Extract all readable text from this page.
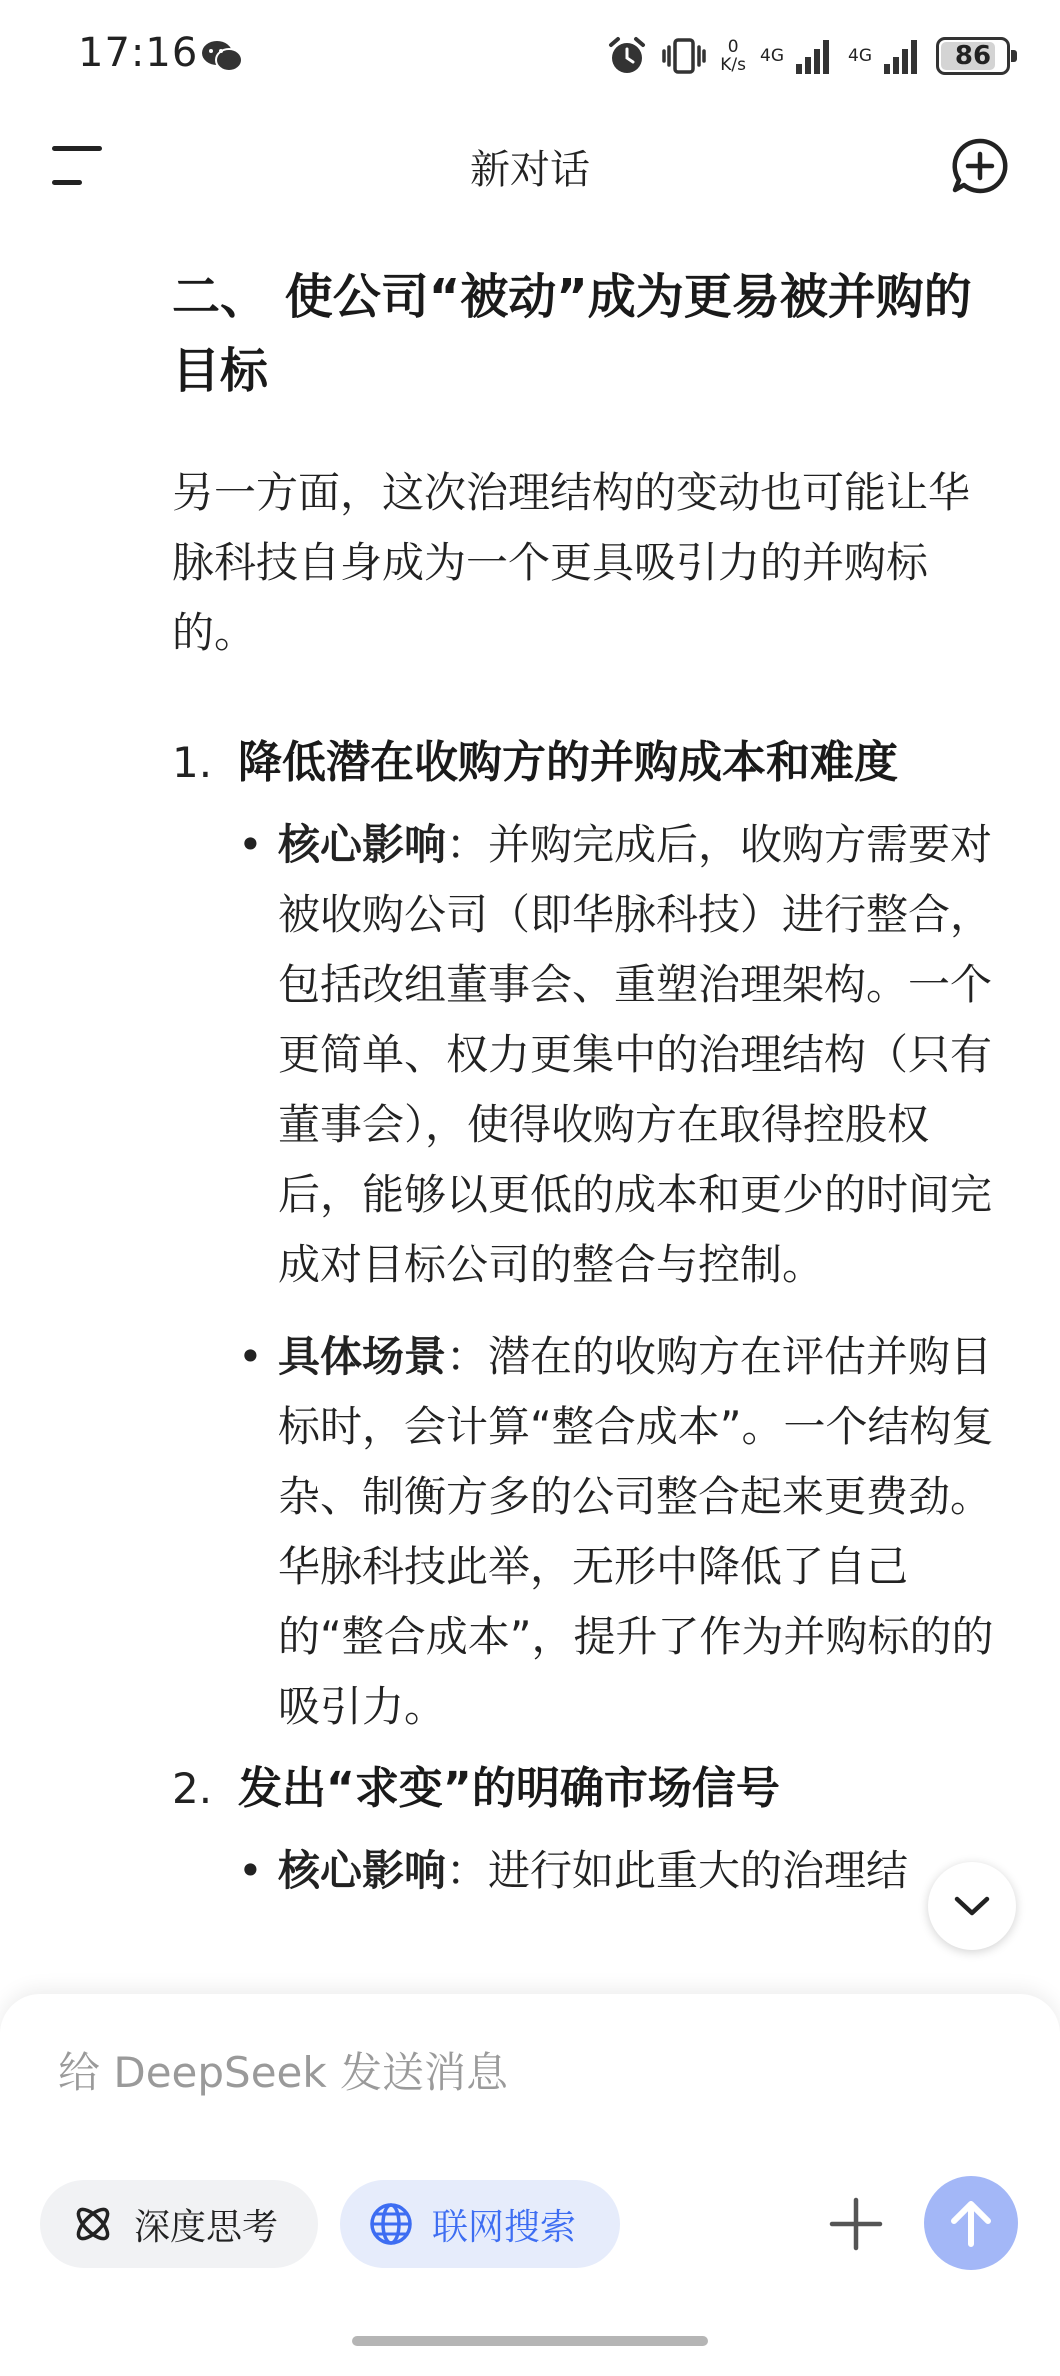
17:16	0
K/s 4G	4G	86
新对话
二、 使公司“被动”成为更易被并购的目标
另一方面，这次治理结构的变动也可能让华脉科技自身成为一个更具吸引力的并购标的。
1. 降低潜在收购方的并购成本和难度
• 核心影响：并购完成后，收购方需要对被收购公司（即华脉科技）进行整合，包括改组董事会、重塑治理架构。一个更简单、权力更集中的治理结构（只有董事会），使得收购方在取得控股权后，能够以更低的成本和更少的时间完成对目标公司的整合与控制。
• 具体场景：潜在的收购方在评估并购目标时，会计算“整合成本”。一个结构复杂、制衡方多的公司整合起来更费劲。华脉科技此举，无形中降低了自己的“整合成本”，提升了作为并购标的的吸引力。
2. 发出“求变”的明确市场信号
• 核心影响：进行如此重大的治理结
给 DeepSeek 发送消息
深度思考	联网搜索
